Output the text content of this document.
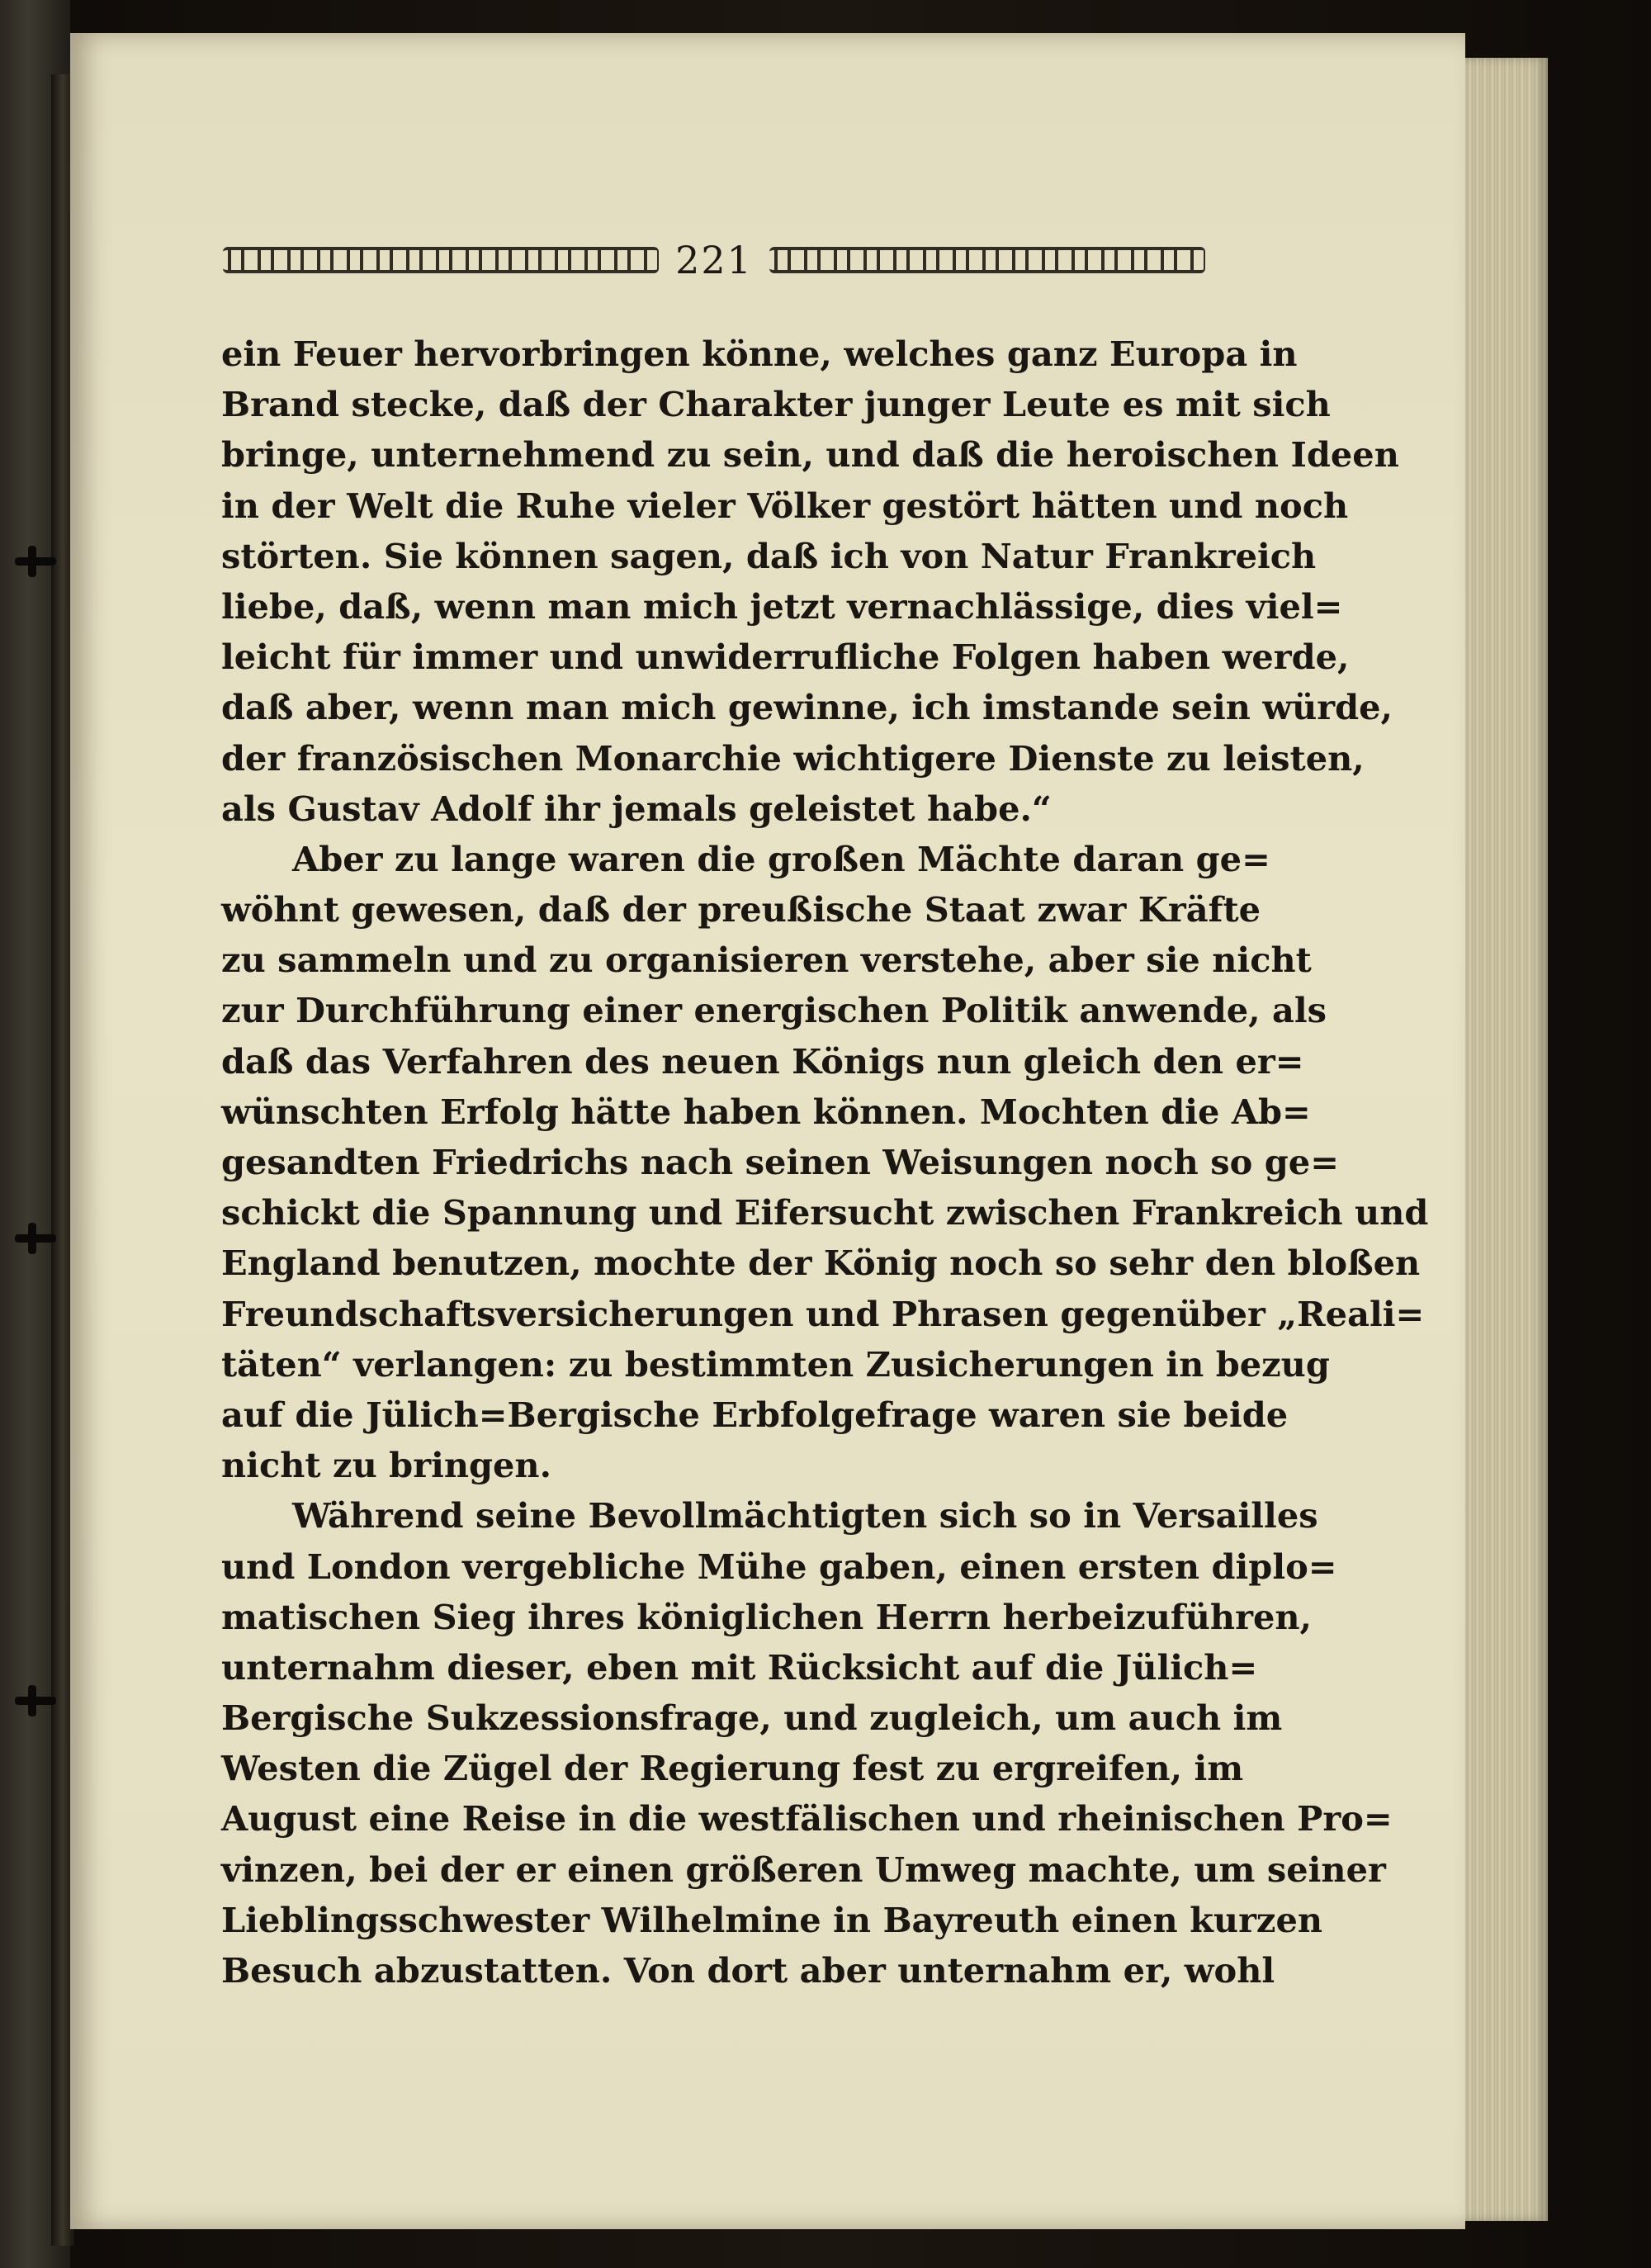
221
ein Feuer hervorbringen könne, welches ganz Europa in
Brand stecke, daß der Charakter junger Leute es mit sich
bringe, unternehmend zu sein, und daß die heroischen Ideen
in der Welt die Ruhe vieler Völker gestört hätten und noch
störten. Sie können sagen, daß ich von Natur Frankreich
liebe, daß, wenn man mich jetzt vernachlässige, dies viel=
leicht für immer und unwiderrufliche Folgen haben werde,
daß aber, wenn man mich gewinne, ich imstande sein würde,
der französischen Monarchie wichtigere Dienste zu leisten,
als Gustav Adolf ihr jemals geleistet habe.“
Aber zu lange waren die großen Mächte daran ge=
wöhnt gewesen, daß der preußische Staat zwar Kräfte
zu sammeln und zu organisieren verstehe, aber sie nicht
zur Durchführung einer energischen Politik anwende, als
daß das Verfahren des neuen Königs nun gleich den er=
wünschten Erfolg hätte haben können. Mochten die Ab=
gesandten Friedrichs nach seinen Weisungen noch so ge=
schickt die Spannung und Eifersucht zwischen Frankreich und
England benutzen, mochte der König noch so sehr den bloßen
Freundschaftsversicherungen und Phrasen gegenüber „Reali=
täten“ verlangen: zu bestimmten Zusicherungen in bezug
auf die Jülich=Bergische Erbfolgefrage waren sie beide
nicht zu bringen.
Während seine Bevollmächtigten sich so in Versailles
und London vergebliche Mühe gaben, einen ersten diplo=
matischen Sieg ihres königlichen Herrn herbeizuführen,
unternahm dieser, eben mit Rücksicht auf die Jülich=
Bergische Sukzessionsfrage, und zugleich, um auch im
Westen die Zügel der Regierung fest zu ergreifen, im
August eine Reise in die westfälischen und rheinischen Pro=
vinzen, bei der er einen größeren Umweg machte, um seiner
Lieblingsschwester Wilhelmine in Bayreuth einen kurzen
Besuch abzustatten. Von dort aber unternahm er, wohl
